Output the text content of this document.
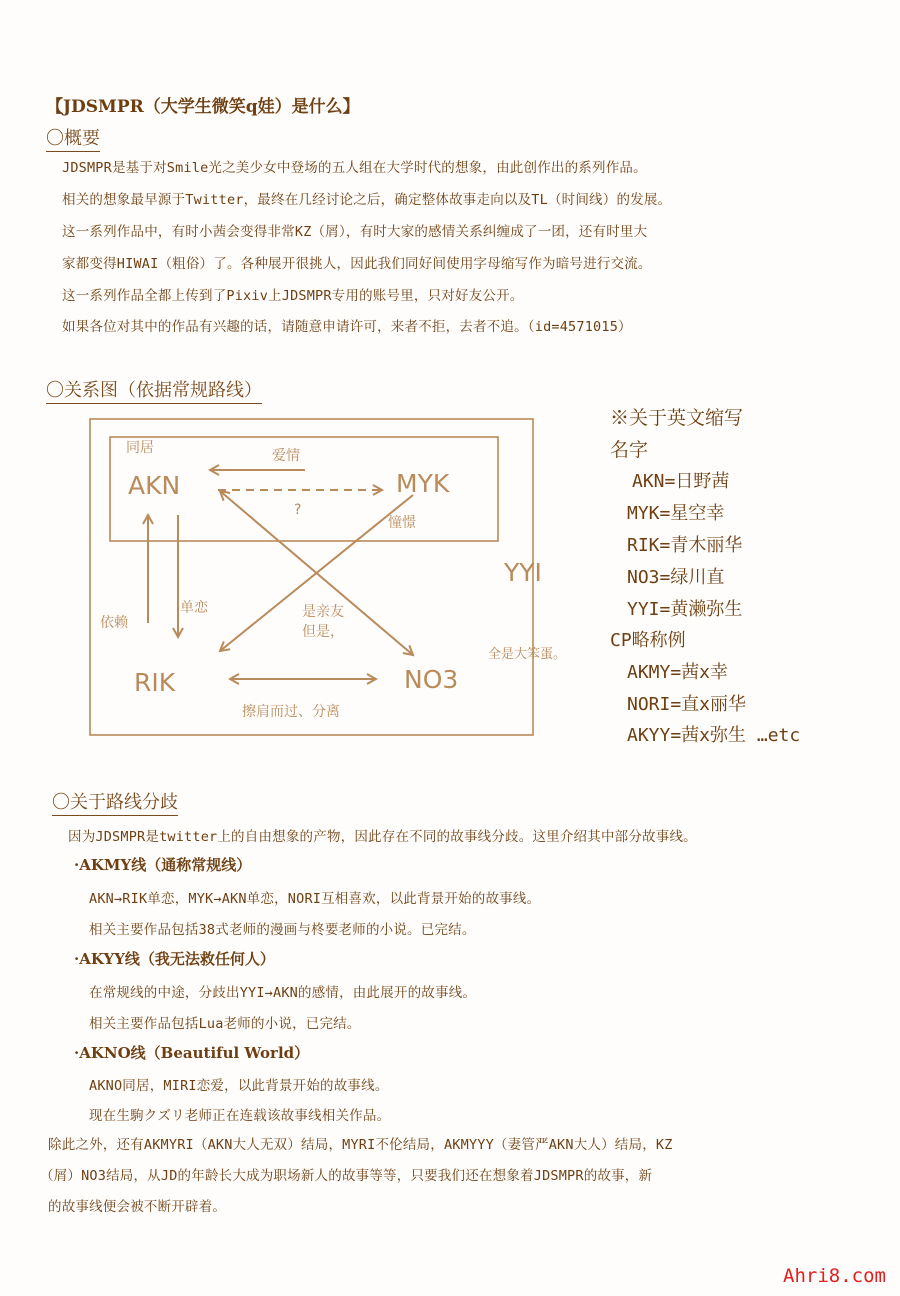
【JDSMPR（大学生微笑q娃）是什么】
〇概要
JDSMPR是基于对Smile光之美少女中登场的五人组在大学时代的想象，由此创作出的系列作品。
相关的想象最早源于Twitter，最终在几经讨论之后，确定整体故事走向以及TL（时间线）的发展。
这一系列作品中，有时小茜会变得非常KZ（屑），有时大家的感情关系纠缠成了一团，还有时里大
家都变得HIWAI（粗俗）了。各种展开很挑人，因此我们同好间使用字母缩写作为暗号进行交流。
这一系列作品全都上传到了Pixiv上JDSMPR专用的账号里，只对好友公开。
如果各位对其中的作品有兴趣的话，请随意申请许可，来者不拒，去者不追。（id=4571015）
〇关系图（依据常规路线）
同居
AKN	MYK
RIK	NO3
YYI
爱情
?
憧憬
依赖
单恋	是亲友
但是，
擦肩而过、分离
全是大笨蛋。
※关于英文缩写
名字
AKN=日野茜
MYK=星空幸
RIK=青木丽华
NO3=绿川直
YYI=黄濑弥生
CP略称例
AKMY=茜x幸
NORI=直x丽华
AKYY=茜x弥生 …etc
〇关于路线分歧
因为JDSMPR是twitter上的自由想象的产物，因此存在不同的故事线分歧。这里介绍其中部分故事线。
·AKMY线（通称常规线）
AKN→RIK单恋，MYK→AKN单恋，NORI互相喜欢，以此背景开始的故事线。
相关主要作品包括38式老师的漫画与柊要老师的小说。已完结。
·AKYY线（我无法救任何人）
在常规线的中途，分歧出YYI→AKN的感情，由此展开的故事线。
相关主要作品包括Lua老师的小说，已完结。
·AKNO线（Beautiful World）
AKNO同居，MIRI恋爱，以此背景开始的故事线。
现在生駒クズリ老师正在连载该故事线相关作品。
除此之外，还有AKMYRI（AKN大人无双）结局，MYRI不伦结局，AKMYYY（妻管严AKN大人）结局，KZ
（屑）NO3结局，从JD的年龄长大成为职场新人的故事等等，只要我们还在想象着JDSMPR的故事，新
的故事线便会被不断开辟着。
Ahri8.com
